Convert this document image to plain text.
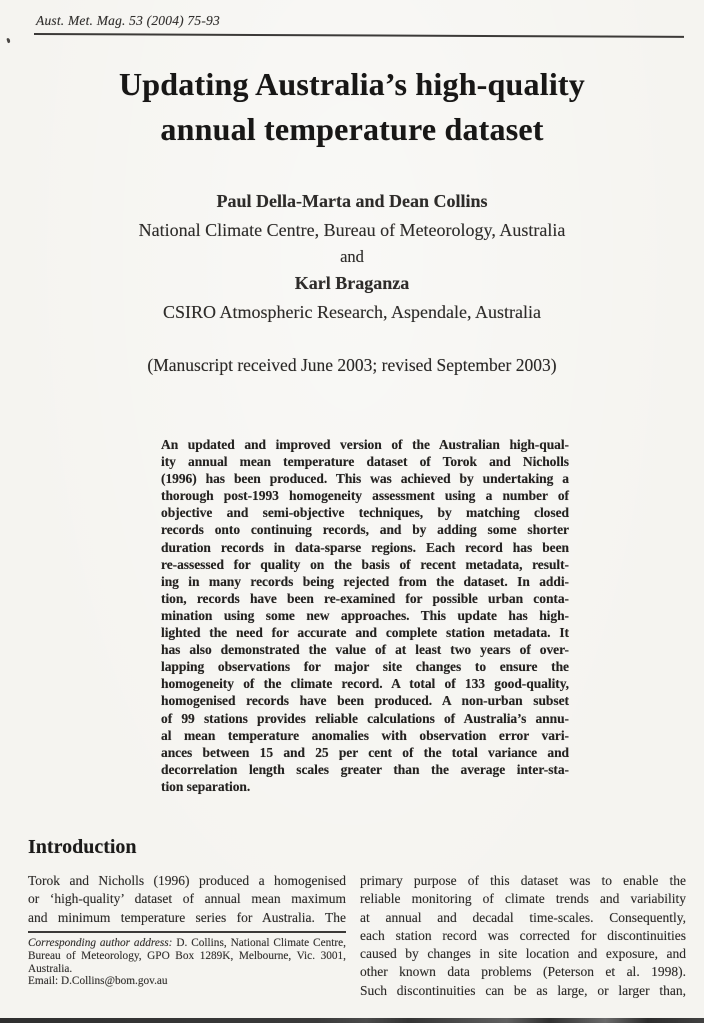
Aust. Met. Mag. 53 (2004) 75-93
Updating Australia’s high-quality
annual temperature dataset
Paul Della-Marta and Dean Collins
National Climate Centre, Bureau of Meteorology, Australia
and
Karl Braganza
CSIRO Atmospheric Research, Aspendale, Australia
(Manuscript received June 2003; revised September 2003)
An updated and improved version of the Australian high-qual-
ity annual mean temperature dataset of Torok and Nicholls
(1996) has been produced. This was achieved by undertaking a
thorough post-1993 homogeneity assessment using a number of
objective and semi-objective techniques, by matching closed
records onto continuing records, and by adding some shorter
duration records in data-sparse regions. Each record has been
re-assessed for quality on the basis of recent metadata, result-
ing in many records being rejected from the dataset. In addi-
tion, records have been re-examined for possible urban conta-
mination using some new approaches. This update has high-
lighted the need for accurate and complete station metadata. It
has also demonstrated the value of at least two years of over-
lapping observations for major site changes to ensure the
homogeneity of the climate record. A total of 133 good-quality,
homogenised records have been produced. A non-urban subset
of 99 stations provides reliable calculations of Australia’s annu-
al mean temperature anomalies with observation error vari-
ances between 15 and 25 per cent of the total variance and
decorrelation length scales greater than the average inter-sta-
tion separation.
Introduction
Torok and Nicholls (1996) produced a homogenised
or ‘high-quality’ dataset of annual mean maximum
and minimum temperature series for Australia. The
primary purpose of this dataset was to enable the
reliable monitoring of climate trends and variability
at annual and decadal time-scales. Consequently,
each station record was corrected for discontinuities
caused by changes in site location and exposure, and
other known data problems (Peterson et al. 1998).
Such discontinuities can be as large, or larger than,
Corresponding author address: D. Collins, National Climate Centre,
Bureau of Meteorology, GPO Box 1289K, Melbourne, Vic. 3001,
Australia.
Email: D.Collins@bom.gov.au
